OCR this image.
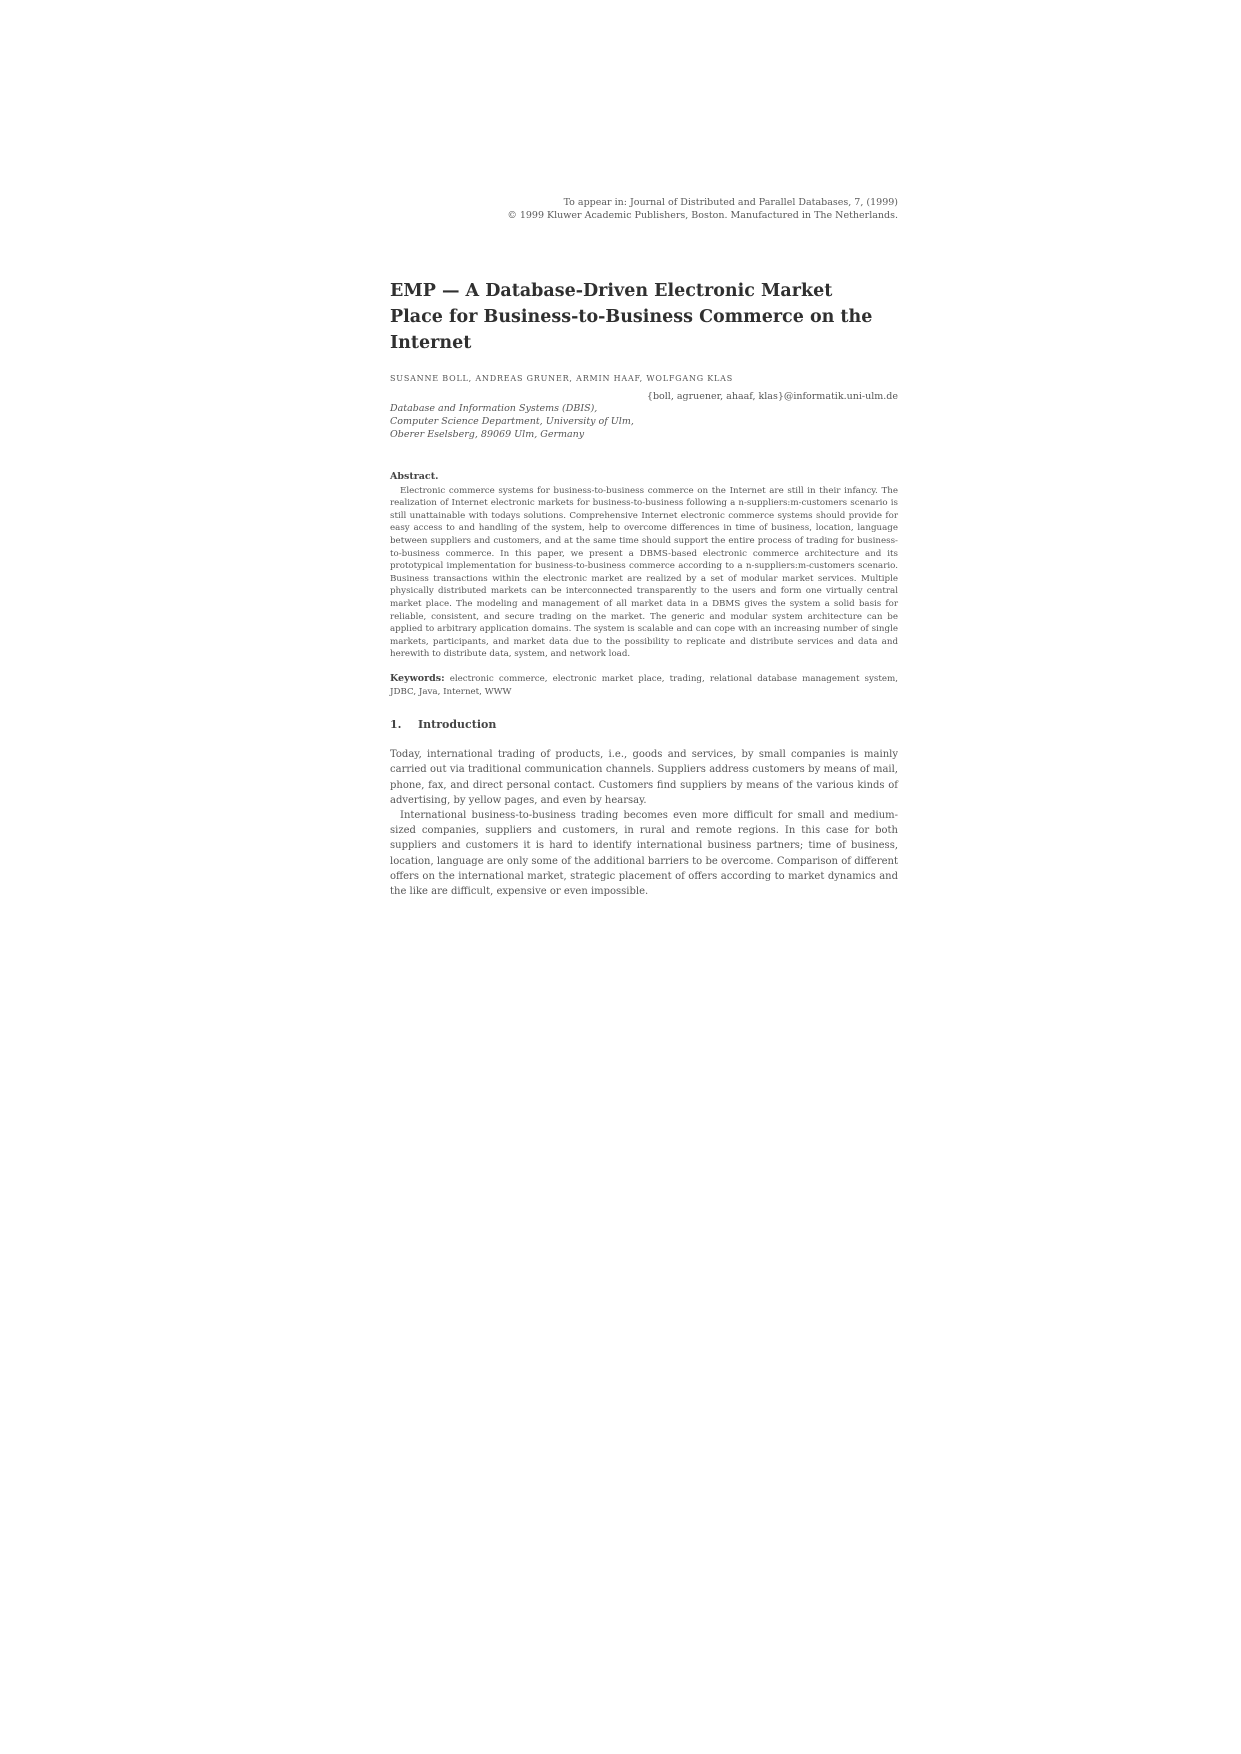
To appear in: Journal of Distributed and Parallel Databases, 7, (1999)
© 1999 Kluwer Academic Publishers, Boston. Manufactured in The Netherlands.
EMP — A Database-Driven Electronic Market Place for Business-to-Business Commerce on the Internet
SUSANNE BOLL, ANDREAS GRUNER, ARMIN HAAF, WOLFGANG KLAS
{boll, agruener, ahaaf, klas}@informatik.uni-ulm.de
Database and Information Systems (DBIS),
Computer Science Department, University of Ulm,
Oberer Eselsberg, 89069 Ulm, Germany
Abstract.
Electronic commerce systems for business-to-business commerce on the Internet are still in their infancy. The realization of Internet electronic markets for business-to-business following a n-suppliers:m-customers scenario is still unattainable with todays solutions. Comprehensive Internet electronic commerce systems should provide for easy access to and handling of the system, help to overcome differences in time of business, location, language between suppliers and customers, and at the same time should support the entire process of trading for business-to-business commerce. In this paper, we present a DBMS-based electronic commerce architecture and its prototypical implementation for business-to-business commerce according to a n-suppliers:m-customers scenario. Business transactions within the electronic market are realized by a set of modular market services. Multiple physically distributed markets can be interconnected transparently to the users and form one virtually central market place. The modeling and management of all market data in a DBMS gives the system a solid basis for reliable, consistent, and secure trading on the market. The generic and modular system architecture can be applied to arbitrary application domains. The system is scalable and can cope with an increasing number of single markets, participants, and market data due to the possibility to replicate and distribute services and data and herewith to distribute data, system, and network load.
Keywords: electronic commerce, electronic market place, trading, relational database management system, JDBC, Java, Internet, WWW
1. Introduction

Today, international trading of products, i.e., goods and services, by small companies is mainly carried out via traditional communication channels. Suppliers address customers by means of mail, phone, fax, and direct personal contact. Customers find suppliers by means of the various kinds of advertising, by yellow pages, and even by hearsay.

International business-to-business trading becomes even more difficult for small and medium-sized companies, suppliers and customers, in rural and remote regions. In this case for both suppliers and customers it is hard to identify international business partners; time of business, location, language are only some of the additional barriers to be overcome. Comparison of different offers on the international market, strategic placement of offers according to market dynamics and the like are difficult, expensive or even impossible.
